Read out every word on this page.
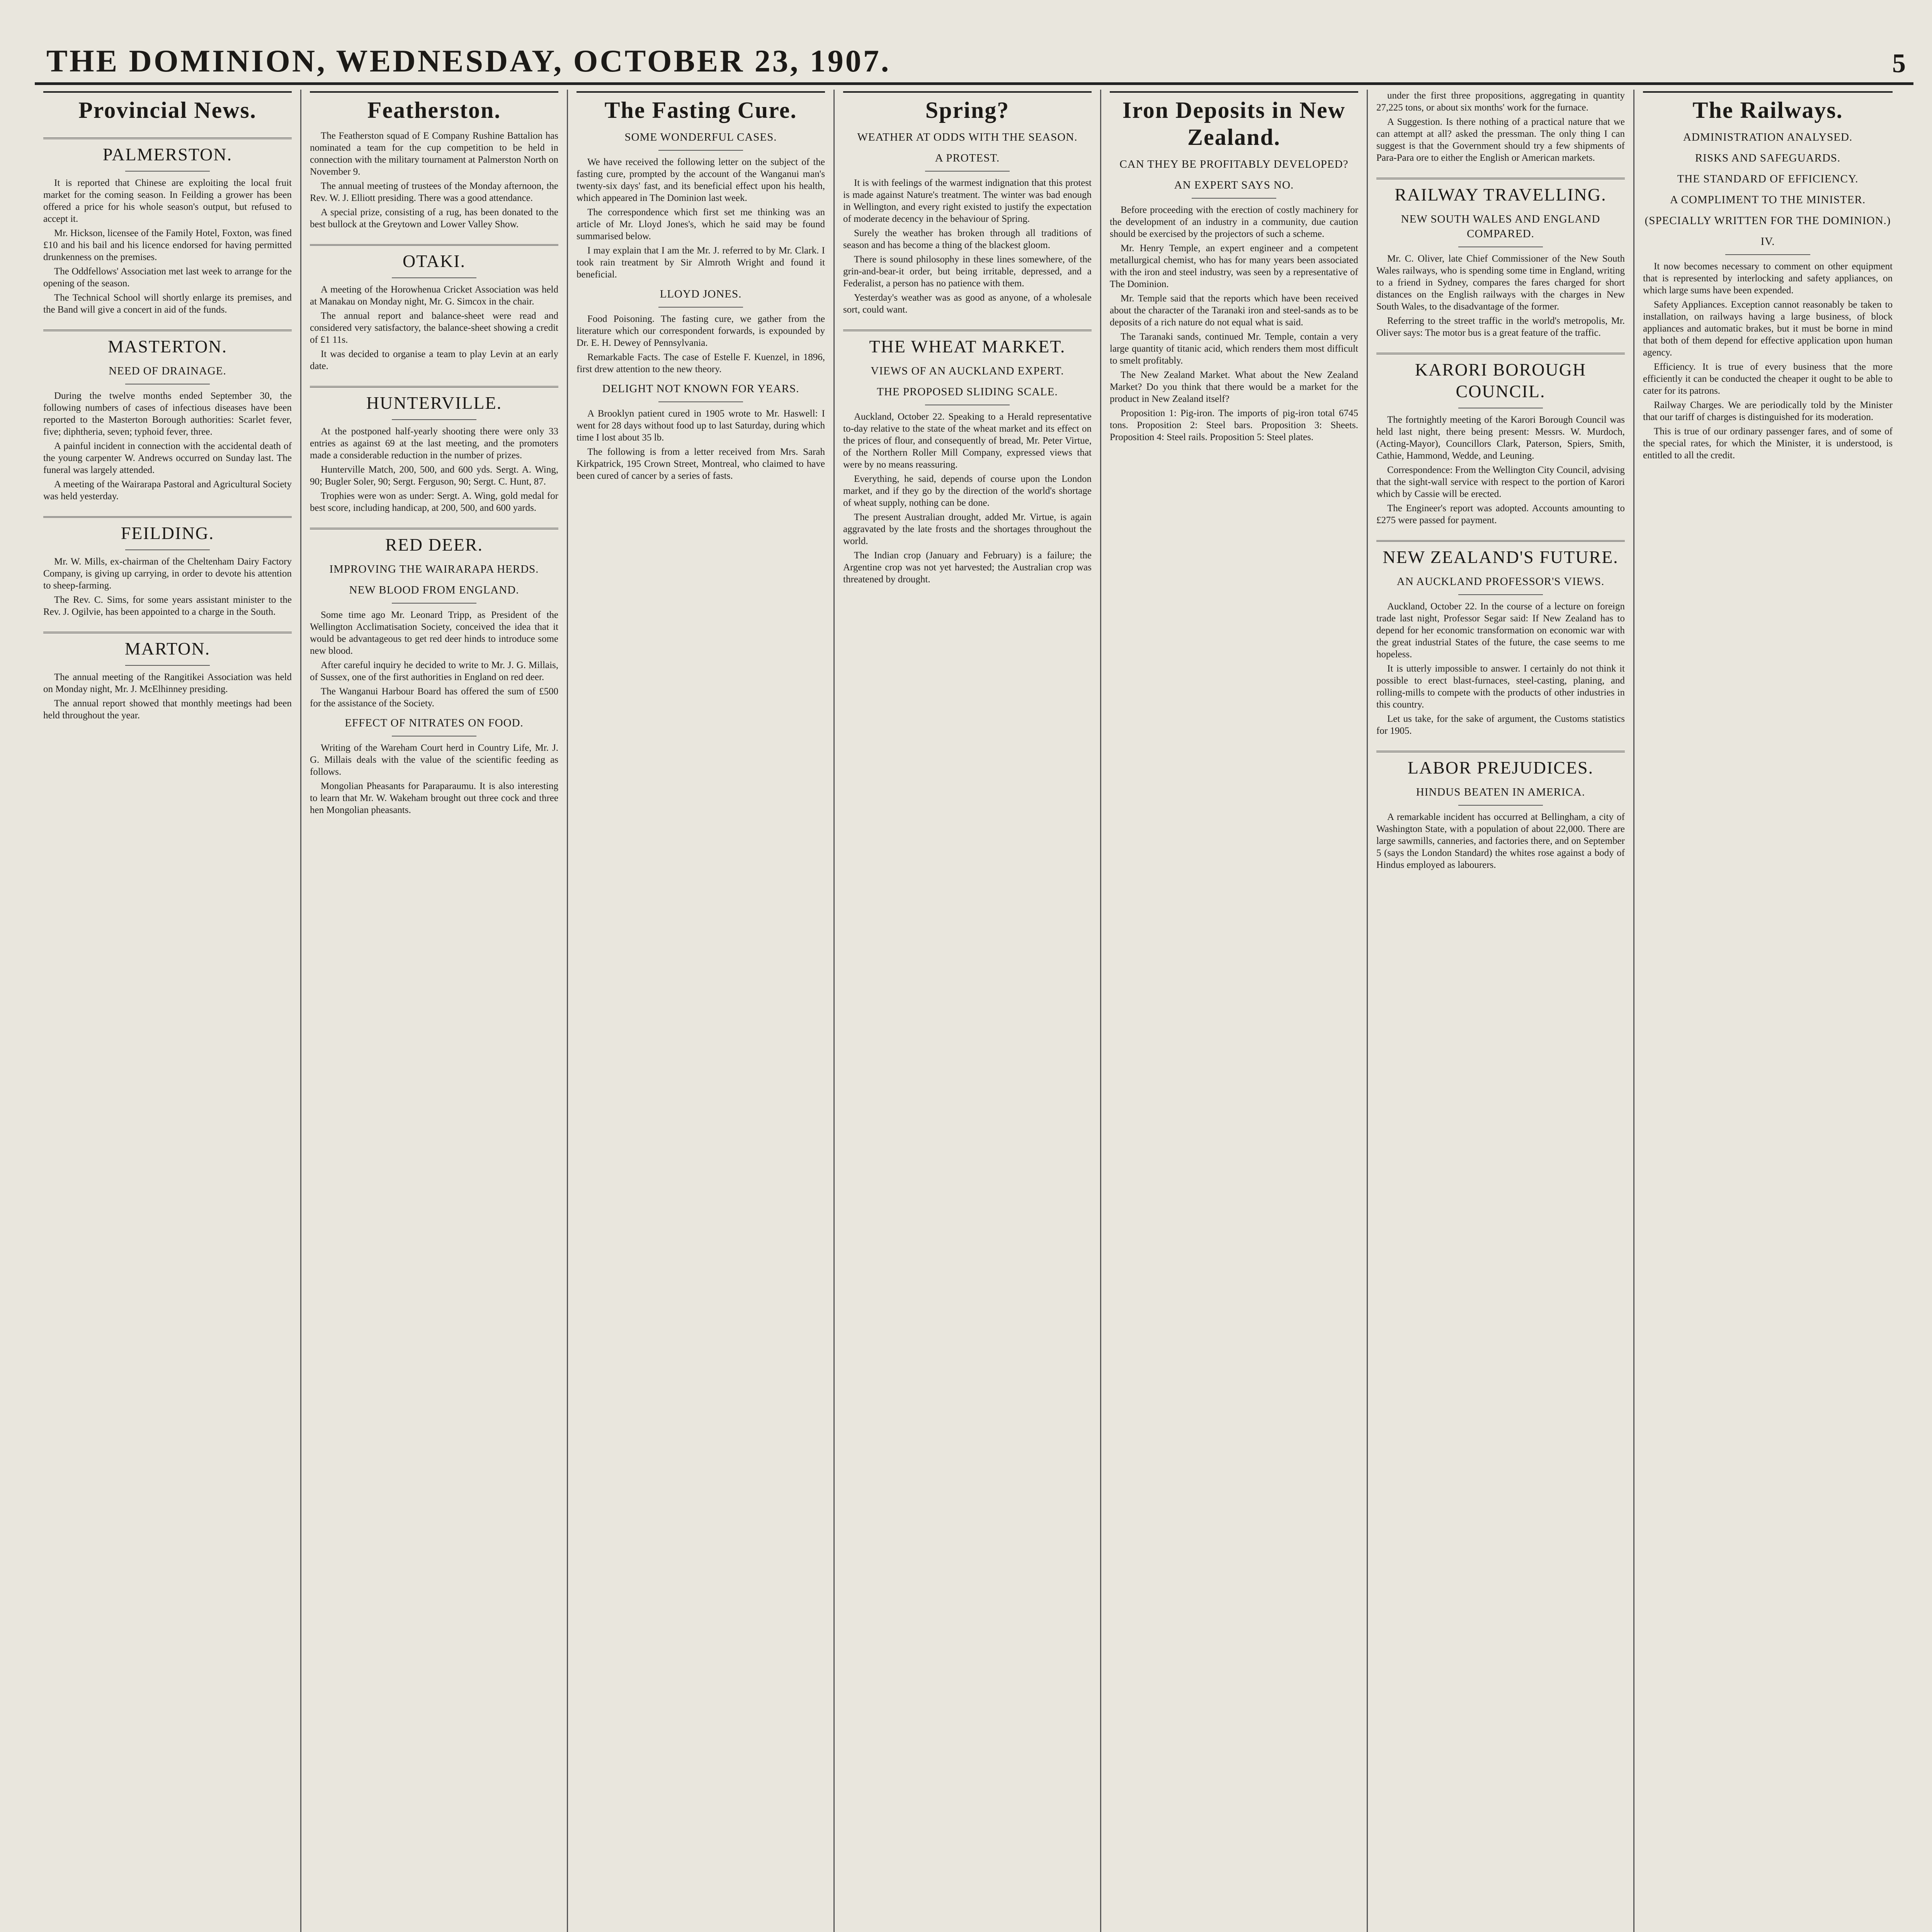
THE DOMINION, WEDNESDAY, OCTOBER 23, 1907.	5
Provincial News.
PALMERSTON.

It is reported that Chinese are exploiting the local fruit market for the coming season. In Feilding a grower has been offered a price for his whole season's output, but refused to accept it.

Mr. Hickson, licensee of the Family Hotel, Foxton, was fined £10 and his bail and his licence endorsed for having permitted drunkenness on the premises.

The Oddfellows' Association met last week to arrange for the opening of the season.

The Technical School will shortly enlarge its premises, and the Band will give a concert in aid of the funds.

MASTERTON.
NEED OF DRAINAGE.

During the twelve months ended September 30, the following numbers of cases of infectious diseases have been reported to the Masterton Borough authorities: Scarlet fever, five; diphtheria, seven; typhoid fever, three.

A painful incident in connection with the accidental death of the young carpenter W. Andrews occurred on Sunday last. The funeral was largely attended.

A meeting of the Wairarapa Pastoral and Agricultural Society was held yesterday.

FEILDING.

Mr. W. Mills, ex-chairman of the Cheltenham Dairy Factory Company, is giving up carrying, in order to devote his attention to sheep-farming.

The Rev. C. Sims, for some years assistant minister to the Rev. J. Ogilvie, has been appointed to a charge in the South.

MARTON.

The annual meeting of the Rangitikei Association was held on Monday night, Mr. J. McElhinney presiding.

The annual report showed that monthly meetings had been held throughout the year.

Featherston.

The Featherston squad of E Company Rushine Battalion has nominated a team for the cup competition to be held in connection with the military tournament at Palmerston North on November 9.

The annual meeting of trustees of the Monday afternoon, the Rev. W. J. Elliott presiding. There was a good attendance.

A special prize, consisting of a rug, has been donated to the best bullock at the Greytown and Lower Valley Show.

OTAKI.

A meeting of the Horowhenua Cricket Association was held at Manakau on Monday night, Mr. G. Simcox in the chair.

The annual report and balance-sheet were read and considered very satisfactory, the balance-sheet showing a credit of £1 11s.

It was decided to organise a team to play Levin at an early date.

HUNTERVILLE.

At the postponed half-yearly shooting there were only 33 entries as against 69 at the last meeting, and the promoters made a considerable reduction in the number of prizes.

Hunterville Match, 200, 500, and 600 yds. Sergt. A. Wing, 90; Bugler Soler, 90; Sergt. Ferguson, 90; Sergt. C. Hunt, 87.

Trophies were won as under: Sergt. A. Wing, gold medal for best score, including handicap, at 200, 500, and 600 yards.

RED DEER.
IMPROVING THE WAIRARAPA HERDS.
NEW BLOOD FROM ENGLAND.

Some time ago Mr. Leonard Tripp, as President of the Wellington Acclimatisation Society, conceived the idea that it would be advantageous to get red deer hinds to introduce some new blood.

After careful inquiry he decided to write to Mr. J. G. Millais, of Sussex, one of the first authorities in England on red deer.

The Wanganui Harbour Board has offered the sum of £500 for the assistance of the Society.

EFFECT OF NITRATES ON FOOD.

Writing of the Wareham Court herd in Country Life, Mr. J. G. Millais deals with the value of the scientific feeding as follows.

Mongolian Pheasants for Paraparaumu. It is also interesting to learn that Mr. W. Wakeham brought out three cock and three hen Mongolian pheasants.

The Fasting Cure.
SOME WONDERFUL CASES.

We have received the following letter on the subject of the fasting cure, prompted by the account of the Wanganui man's twenty-six days' fast, and its beneficial effect upon his health, which appeared in The Dominion last week.

The correspondence which first set me thinking was an article of Mr. Lloyd Jones's, which he said may be found summarised below.

I may explain that I am the Mr. J. referred to by Mr. Clark. I took rain treatment by Sir Almroth Wright and found it beneficial.

LLOYD JONES.

Food Poisoning. The fasting cure, we gather from the literature which our correspondent forwards, is expounded by Dr. E. H. Dewey of Pennsylvania.

Remarkable Facts. The case of Estelle F. Kuenzel, in 1896, first drew attention to the new theory.

DELIGHT NOT KNOWN FOR YEARS.

A Brooklyn patient cured in 1905 wrote to Mr. Haswell: I went for 28 days without food up to last Saturday, during which time I lost about 35 lb.

The following is from a letter received from Mrs. Sarah Kirkpatrick, 195 Crown Street, Montreal, who claimed to have been cured of cancer by a series of fasts.

Spring?
WEATHER AT ODDS WITH THE SEASON.
A PROTEST.

It is with feelings of the warmest indignation that this protest is made against Nature's treatment. The winter was bad enough in Wellington, and every right existed to justify the expectation of moderate decency in the behaviour of Spring.

Surely the weather has broken through all traditions of season and has become a thing of the blackest gloom.

There is sound philosophy in these lines somewhere, of the grin-and-bear-it order, but being irritable, depressed, and a Federalist, a person has no patience with them.

Yesterday's weather was as good as anyone, of a wholesale sort, could want.

THE WHEAT MARKET.
VIEWS OF AN AUCKLAND EXPERT.
THE PROPOSED SLIDING SCALE.

Auckland, October 22. Speaking to a Herald representative to-day relative to the state of the wheat market and its effect on the prices of flour, and consequently of bread, Mr. Peter Virtue, of the Northern Roller Mill Company, expressed views that were by no means reassuring.

Everything, he said, depends of course upon the London market, and if they go by the direction of the world's shortage of wheat supply, nothing can be done.

The present Australian drought, added Mr. Virtue, is again aggravated by the late frosts and the shortages throughout the world.

The Indian crop (January and February) is a failure; the Argentine crop was not yet harvested; the Australian crop was threatened by drought.

Iron Deposits in New Zealand.
CAN THEY BE PROFITABLY DEVELOPED?
AN EXPERT SAYS NO.

Before proceeding with the erection of costly machinery for the development of an industry in a community, due caution should be exercised by the projectors of such a scheme.

Mr. Henry Temple, an expert engineer and a competent metallurgical chemist, who has for many years been associated with the iron and steel industry, was seen by a representative of The Dominion.

Mr. Temple said that the reports which have been received about the character of the Taranaki iron and steel-sands as to be deposits of a rich nature do not equal what is said.

The Taranaki sands, continued Mr. Temple, contain a very large quantity of titanic acid, which renders them most difficult to smelt profitably.

The New Zealand Market. What about the New Zealand Market? Do you think that there would be a market for the product in New Zealand itself?

Proposition 1: Pig-iron. The imports of pig-iron total 6745 tons. Proposition 2: Steel bars. Proposition 3: Sheets. Proposition 4: Steel rails. Proposition 5: Steel plates.

under the first three propositions, aggregating in quantity 27,225 tons, or about six months' work for the furnace.

A Suggestion. Is there nothing of a practical nature that we can attempt at all? asked the pressman. The only thing I can suggest is that the Government should try a few shipments of Para-Para ore to either the English or American markets.

RAILWAY TRAVELLING.
NEW SOUTH WALES AND ENGLAND COMPARED.

Mr. C. Oliver, late Chief Commissioner of the New South Wales railways, who is spending some time in England, writing to a friend in Sydney, compares the fares charged for short distances on the English railways with the charges in New South Wales, to the disadvantage of the former.

Referring to the street traffic in the world's metropolis, Mr. Oliver says: The motor bus is a great feature of the traffic.

KARORI BOROUGH COUNCIL.

The fortnightly meeting of the Karori Borough Council was held last night, there being present: Messrs. W. Murdoch, (Acting-Mayor), Councillors Clark, Paterson, Spiers, Smith, Cathie, Hammond, Wedde, and Leuning.

Correspondence: From the Wellington City Council, advising that the sight-wall service with respect to the portion of Karori which by Cassie will be erected.

The Engineer's report was adopted. Accounts amounting to £275 were passed for payment.

NEW ZEALAND'S FUTURE.
AN AUCKLAND PROFESSOR'S VIEWS.

Auckland, October 22. In the course of a lecture on foreign trade last night, Professor Segar said: If New Zealand has to depend for her economic transformation on economic war with the great industrial States of the future, the case seems to me hopeless.

It is utterly impossible to answer. I certainly do not think it possible to erect blast-furnaces, steel-casting, planing, and rolling-mills to compete with the products of other industries in this country.

Let us take, for the sake of argument, the Customs statistics for 1905.

LABOR PREJUDICES.
HINDUS BEATEN IN AMERICA.

A remarkable incident has occurred at Bellingham, a city of Washington State, with a population of about 22,000. There are large sawmills, canneries, and factories there, and on September 5 (says the London Standard) the whites rose against a body of Hindus employed as labourers.

The Railways.
ADMINISTRATION ANALYSED.
RISKS AND SAFEGUARDS.
THE STANDARD OF EFFICIENCY.
A COMPLIMENT TO THE MINISTER.
(SPECIALLY WRITTEN FOR THE DOMINION.)
IV.

It now becomes necessary to comment on other equipment that is represented by interlocking and safety appliances, on which large sums have been expended.

Safety Appliances. Exception cannot reasonably be taken to installation, on railways having a large business, of block appliances and automatic brakes, but it must be borne in mind that both of them depend for effective application upon human agency.

Efficiency. It is true of every business that the more efficiently it can be conducted the cheaper it ought to be able to cater for its patrons.

Railway Charges. We are periodically told by the Minister that our tariff of charges is distinguished for its moderation.

This is true of our ordinary passenger fares, and of some of the special rates, for which the Minister, it is understood, is entitled to all the credit.
